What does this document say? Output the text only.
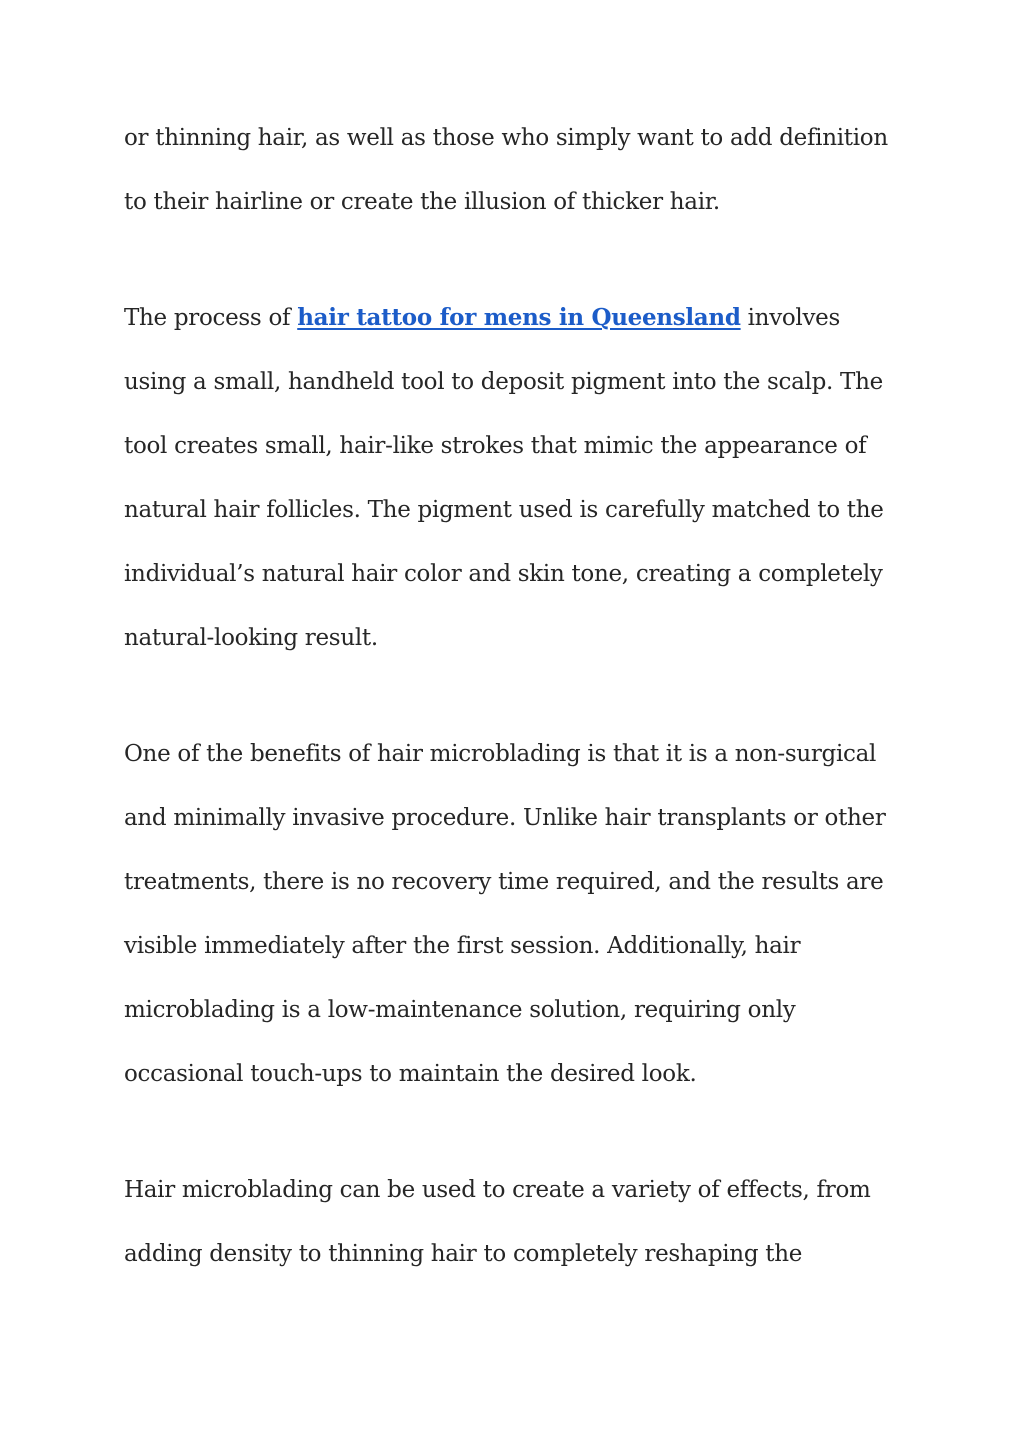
or thinning hair, as well as those who simply want to add definition
to their hairline or create the illusion of thicker hair.

The process of hair tattoo for mens in Queensland involves
using a small, handheld tool to deposit pigment into the scalp. The
tool creates small, hair-like strokes that mimic the appearance of
natural hair follicles. The pigment used is carefully matched to the
individual’s natural hair color and skin tone, creating a completely
natural-looking result.

One of the benefits of hair microblading is that it is a non-surgical
and minimally invasive procedure. Unlike hair transplants or other
treatments, there is no recovery time required, and the results are
visible immediately after the first session. Additionally, hair
microblading is a low-maintenance solution, requiring only
occasional touch-ups to maintain the desired look.

Hair microblading can be used to create a variety of effects, from
adding density to thinning hair to completely reshaping the
